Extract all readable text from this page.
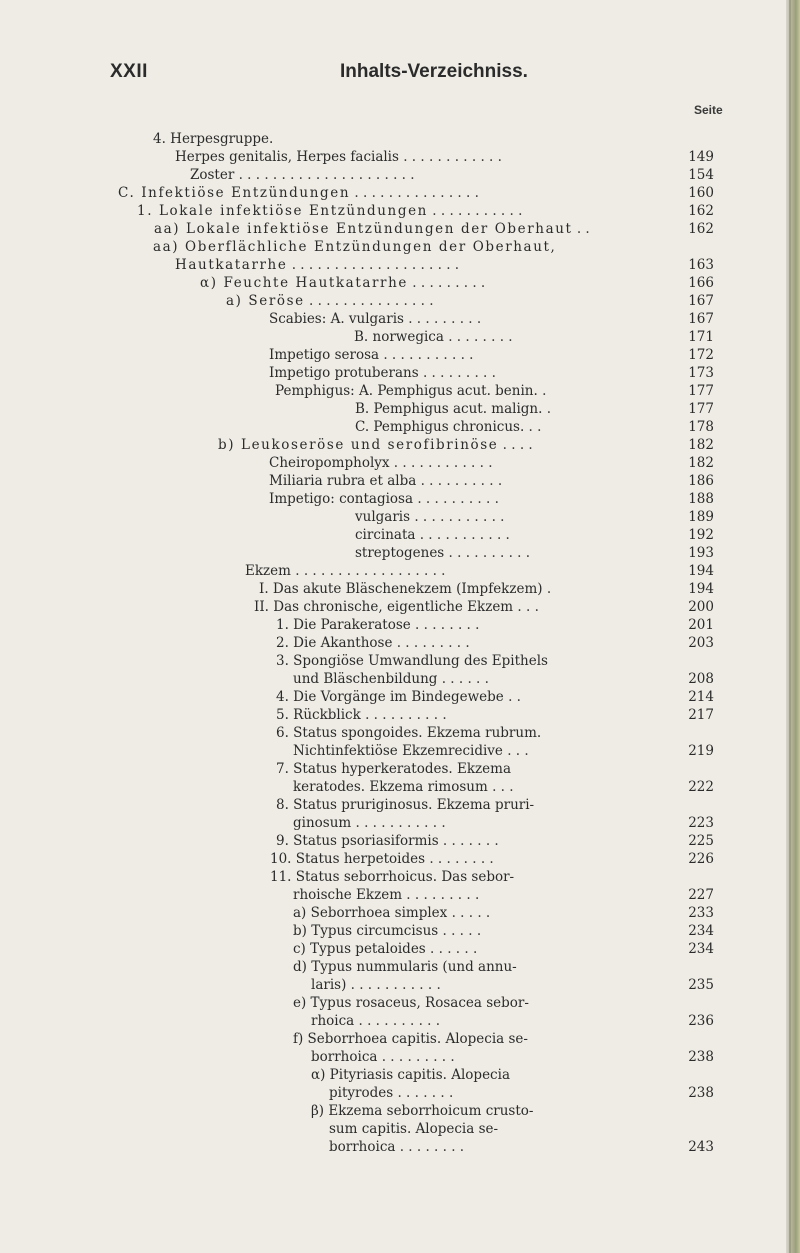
XXII	Inhalts-Verzeichniss.
Seite
4. Herpesgruppe.
Herpes genitalis, Herpes facialis . . . . . . . . . . . .	149
Zoster . . . . . . . . . . . . . . . . . . . . .	154
C. Infektiöse Entzündungen . . . . . . . . . . . . . . .	160
1. Lokale infektiöse Entzündungen . . . . . . . . . . .	162
aa) Lokale infektiöse Entzündungen der Oberhaut . .	162
aa) Oberflächliche Entzündungen der Oberhaut,
Hautkatarrhe . . . . . . . . . . . . . . . . . . . .	163
α) Feuchte Hautkatarrhe . . . . . . . . .	166
a) Seröse . . . . . . . . . . . . . . .	167
Scabies: A. vulgaris . . . . . . . . .	167
B. norwegica . . . . . . . .	171
Impetigo serosa . . . . . . . . . . .	172
Impetigo protuberans . . . . . . . . .	173
Pemphigus: A. Pemphigus acut. benin. .	177
B. Pemphigus acut. malign. .	177
C. Pemphigus chronicus. . .	178
b) Leukoseröse und serofibrinöse . . . .	182
Cheiropompholyx . . . . . . . . . . . .	182
Miliaria rubra et alba . . . . . . . . . .	186
Impetigo: contagiosa . . . . . . . . . .	188
vulgaris . . . . . . . . . . .	189
circinata . . . . . . . . . . .	192
streptogenes . . . . . . . . . .	193
Ekzem . . . . . . . . . . . . . . . . . .	194
I. Das akute Bläschenekzem (Impfekzem) .	194
II. Das chronische, eigentliche Ekzem . . .	200
1. Die Parakeratose . . . . . . . .	201
2. Die Akanthose . . . . . . . . .	203
3. Spongiöse Umwandlung des Epithels
und Bläschenbildung . . . . . .	208
4. Die Vorgänge im Bindegewebe . .	214
5. Rückblick . . . . . . . . . .	217
6. Status spongoides. Ekzema rubrum.
Nichtinfektiöse Ekzemrecidive . . .	219
7. Status hyperkeratodes. Ekzema
keratodes. Ekzema rimosum . . .	222
8. Status pruriginosus. Ekzema pruri-
ginosum . . . . . . . . . . .	223
9. Status psoriasiformis . . . . . . .	225
10. Status herpetoides . . . . . . . .	226
11. Status seborrhoicus. Das sebor-
rhoische Ekzem . . . . . . . . .	227
a) Seborrhoea simplex . . . . .	233
b) Typus circumcisus . . . . .	234
c) Typus petaloides . . . . . .	234
d) Typus nummularis (und annu-
laris) . . . . . . . . . . .	235
e) Typus rosaceus, Rosacea sebor-
rhoica . . . . . . . . . .	236
f) Seborrhoea capitis. Alopecia se-
borrhoica . . . . . . . . .	238
α) Pityriasis capitis. Alopecia
pityrodes . . . . . . .	238
β) Ekzema seborrhoicum crusto-
sum capitis. Alopecia se-
borrhoica . . . . . . . .	243
